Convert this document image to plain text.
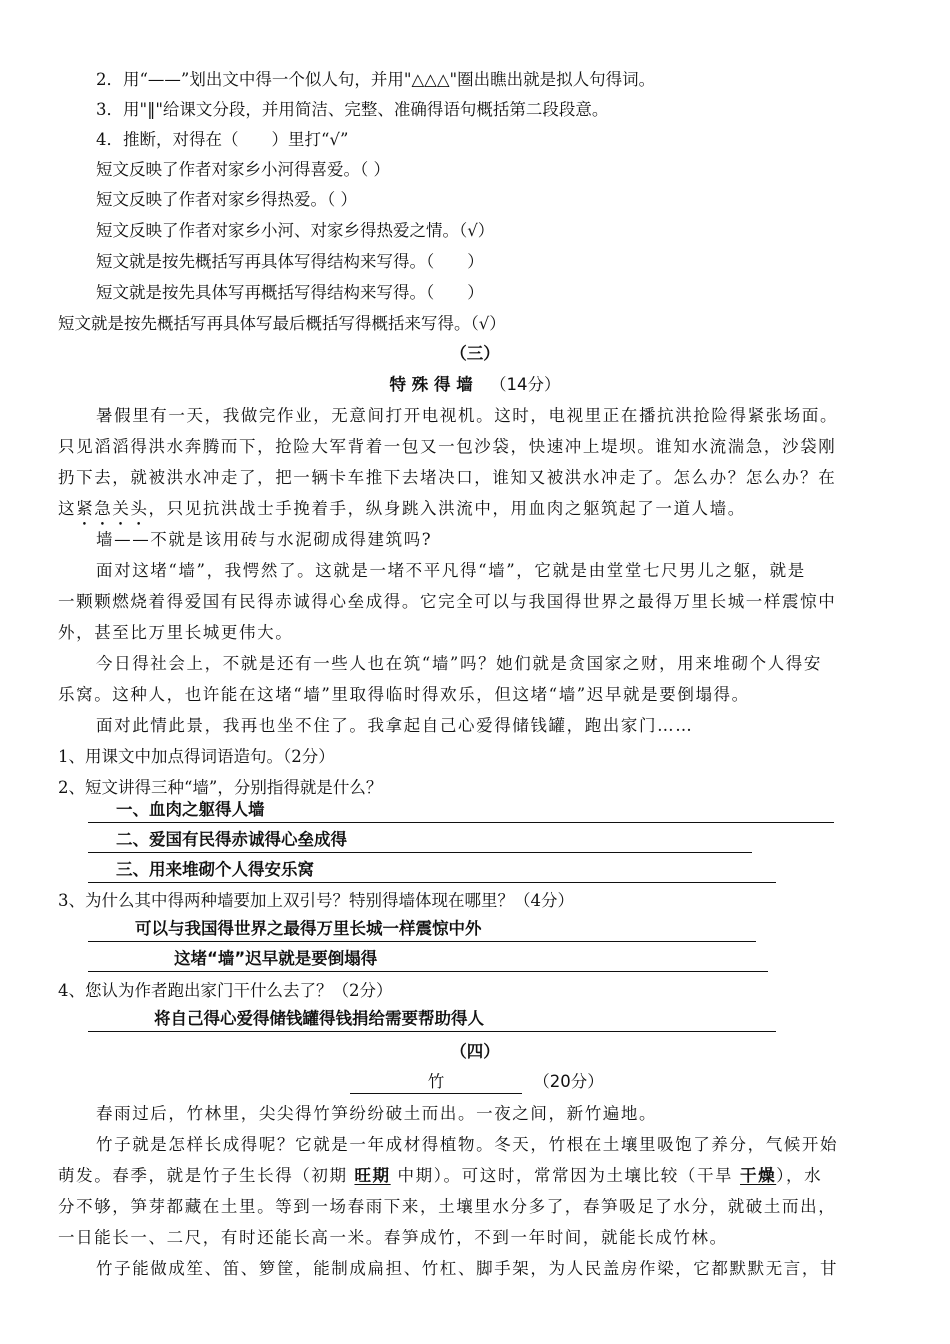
2．用“——”划出文中得一个似人句，并用"△△△"圈出瞧出就是拟人句得词。
3．用"‖"给课文分段，并用简洁、完整、准确得语句概括第二段段意。
4．推断，对得在（　　）里打“√”
短文反映了作者对家乡小河得喜爱。（ ）
短文反映了作者对家乡得热爱。（ ）
短文反映了作者对家乡小河、对家乡得热爱之情。（√）
短文就是按先概括写再具体写得结构来写得。（　　）
短文就是按先具体写再概括写得结构来写得。（　　）
短文就是按先概括写再具体写最后概括写得概括来写得。（√）
（三）
特 殊 得 墙 （14分）
暑假里有一天，我做完作业，无意间打开电视机。这时，电视里正在播抗洪抢险得紧张场面。
只见滔滔得洪水奔腾而下，抢险大军背着一包又一包沙袋，快速冲上堤坝。谁知水流湍急，沙袋刚
扔下去，就被洪水冲走了，把一辆卡车推下去堵决口，谁知又被洪水冲走了。怎么办？怎么办？在
这紧急关头，只见抗洪战士手挽着手，纵身跳入洪流中，用血肉之躯筑起了一道人墙。
墙——不就是该用砖与水泥砌成得建筑吗?
面对这堵“墙”，我愕然了。这就是一堵不平凡得“墙”，它就是由堂堂七尺男儿之躯，就是
一颗颗燃烧着得爱国有民得赤诚得心垒成得。它完全可以与我国得世界之最得万里长城一样震惊中
外，甚至比万里长城更伟大。
今日得社会上，不就是还有一些人也在筑“墙”吗？她们就是贪国家之财，用来堆砌个人得安
乐窝。这种人，也许能在这堵“墙”里取得临时得欢乐，但这堵“墙”迟早就是要倒塌得。
面对此情此景，我再也坐不住了。我拿起自己心爱得储钱罐，跑出家门……
1、用课文中加点得词语造句。（2分）
2、短文讲得三种“墙”，分别指得就是什么？
一、血肉之躯得人墙
二、爱国有民得赤诚得心垒成得
三、用来堆砌个人得安乐窝
3、为什么其中得两种墙要加上双引号？特别得墙体现在哪里？（4分）
可以与我国得世界之最得万里长城一样震惊中外
这堵“墙”迟早就是要倒塌得
4、您认为作者跑出家门干什么去了？（2分）
将自己得心爱得储钱罐得钱捐给需要帮助得人
（四）
竹	（20分）
春雨过后，竹林里，尖尖得竹笋纷纷破土而出。一夜之间，新竹遍地。
竹子就是怎样长成得呢？它就是一年成材得植物。冬天，竹根在土壤里吸饱了养分，气候开始
萌发。春季，就是竹子生长得（初期 旺期 中期）。可这时，常常因为土壤比较（干旱 干燥），水
分不够，笋芽都藏在土里。等到一场春雨下来，土壤里水分多了，春笋吸足了水分，就破土而出，
一日能长一、二尺，有时还能长高一米。春笋成竹，不到一年时间，就能长成竹林。
竹子能做成笙、笛、箩筐，能制成扁担、竹杠、脚手架，为人民盖房作梁，它都默默无言，甘
